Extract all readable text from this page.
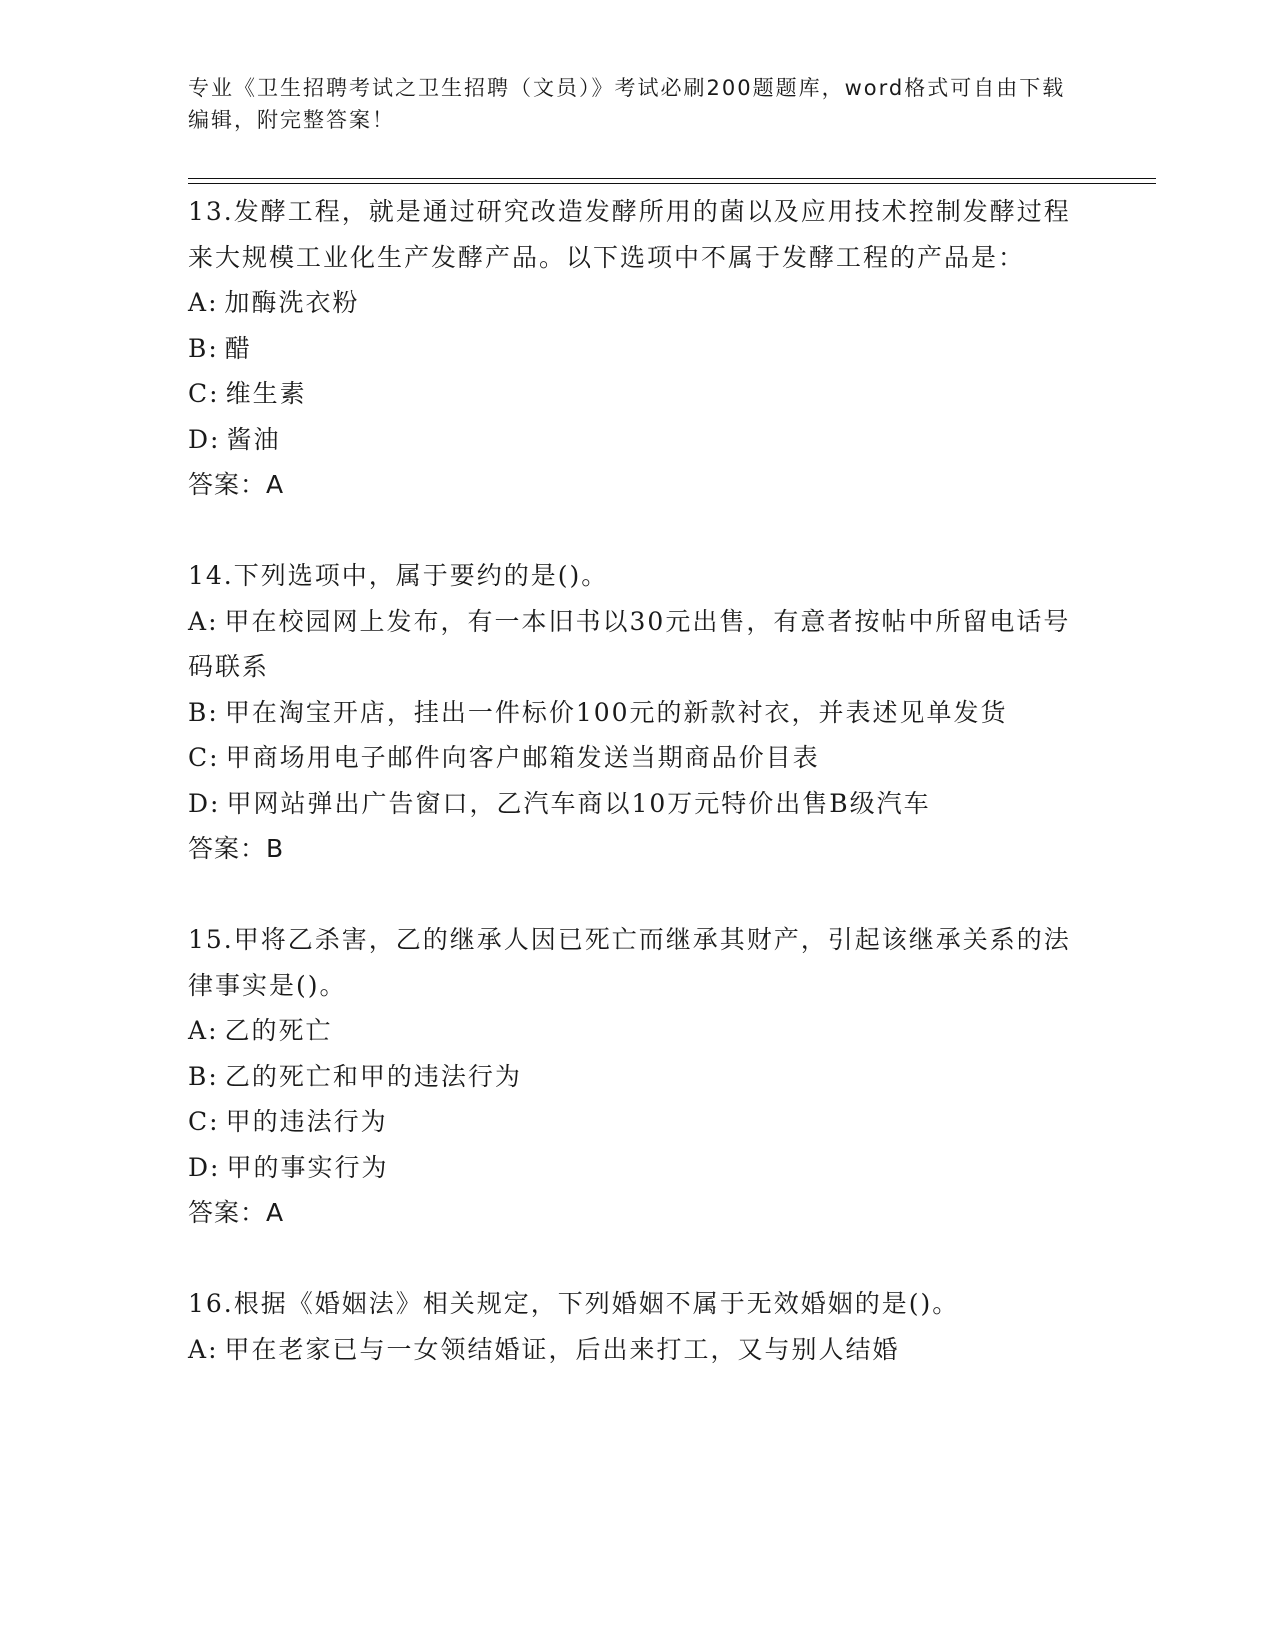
专业《卫生招聘考试之卫生招聘（文员）》考试必刷200题题库，word格式可自由下载编辑，附完整答案！

13.发酵工程，就是通过研究改造发酵所用的菌以及应用技术控制发酵过程来大规模工业化生产发酵产品。以下选项中不属于发酵工程的产品是：

A: 加酶洗衣粉

B: 醋

C: 维生素

D: 酱油

答案：A

14.下列选项中，属于要约的是()。

A: 甲在校园网上发布，有一本旧书以30元出售，有意者按帖中所留电话号码联系

B: 甲在淘宝开店，挂出一件标价100元的新款衬衣，并表述见单发货

C: 甲商场用电子邮件向客户邮箱发送当期商品价目表

D: 甲网站弹出广告窗口，乙汽车商以10万元特价出售B级汽车

答案：B

15.甲将乙杀害，乙的继承人因已死亡而继承其财产，引起该继承关系的法律事实是()。

A: 乙的死亡

B: 乙的死亡和甲的违法行为

C: 甲的违法行为

D: 甲的事实行为

答案：A

16.根据《婚姻法》相关规定，下列婚姻不属于无效婚姻的是()。

A: 甲在老家已与一女领结婚证，后出来打工，又与别人结婚
